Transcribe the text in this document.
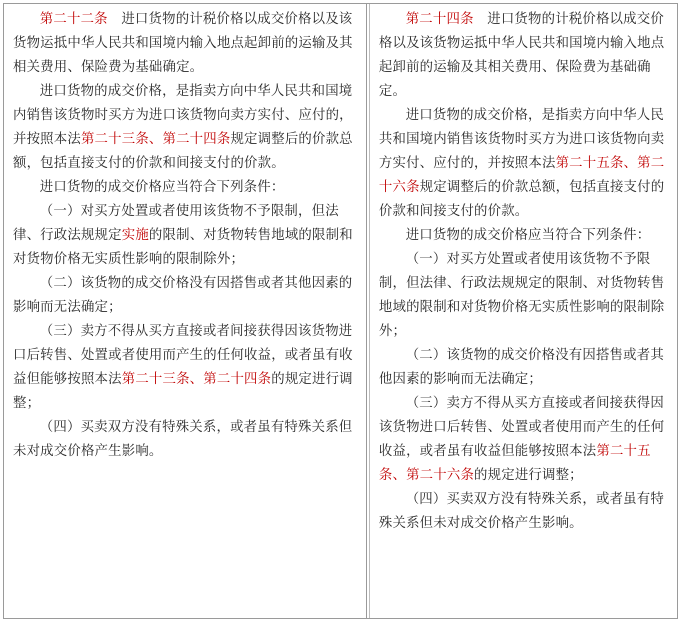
第二十二条　进口货物的计税价格以成交价格以及该货物运抵中华人民共和国境内输入地点起卸前的运输及其相关费用、保险费为基础确定。

进口货物的成交价格，是指卖方向中华人民共和国境内销售该货物时买方为进口该货物向卖方实付、应付的，并按照本法第二十三条、第二十四条规定调整后的价款总额，包括直接支付的价款和间接支付的价款。

进口货物的成交价格应当符合下列条件：

（一）对买方处置或者使用该货物不予限制，但法律、行政法规规定实施的限制、对货物转售地域的限制和对货物价格无实质性影响的限制除外；

（二）该货物的成交价格没有因搭售或者其他因素的影响而无法确定；

（三）卖方不得从买方直接或者间接获得因该货物进口后转售、处置或者使用而产生的任何收益，或者虽有收益但能够按照本法第二十三条、第二十四条的规定进行调整；

（四）买卖双方没有特殊关系，或者虽有特殊关系但未对成交价格产生影响。

第二十四条　进口货物的计税价格以成交价格以及该货物运抵中华人民共和国境内输入地点起卸前的运输及其相关费用、保险费为基础确定。

进口货物的成交价格，是指卖方向中华人民共和国境内销售该货物时买方为进口该货物向卖方实付、应付的，并按照本法第二十五条、第二十六条规定调整后的价款总额，包括直接支付的价款和间接支付的价款。

进口货物的成交价格应当符合下列条件：

（一）对买方处置或者使用该货物不予限制，但法律、行政法规规定的限制、对货物转售地域的限制和对货物价格无实质性影响的限制除外；

（二）该货物的成交价格没有因搭售或者其他因素的影响而无法确定；

（三）卖方不得从买方直接或者间接获得因该货物进口后转售、处置或者使用而产生的任何收益，或者虽有收益但能够按照本法第二十五条、第二十六条的规定进行调整；

（四）买卖双方没有特殊关系，或者虽有特殊关系但未对成交价格产生影响。
